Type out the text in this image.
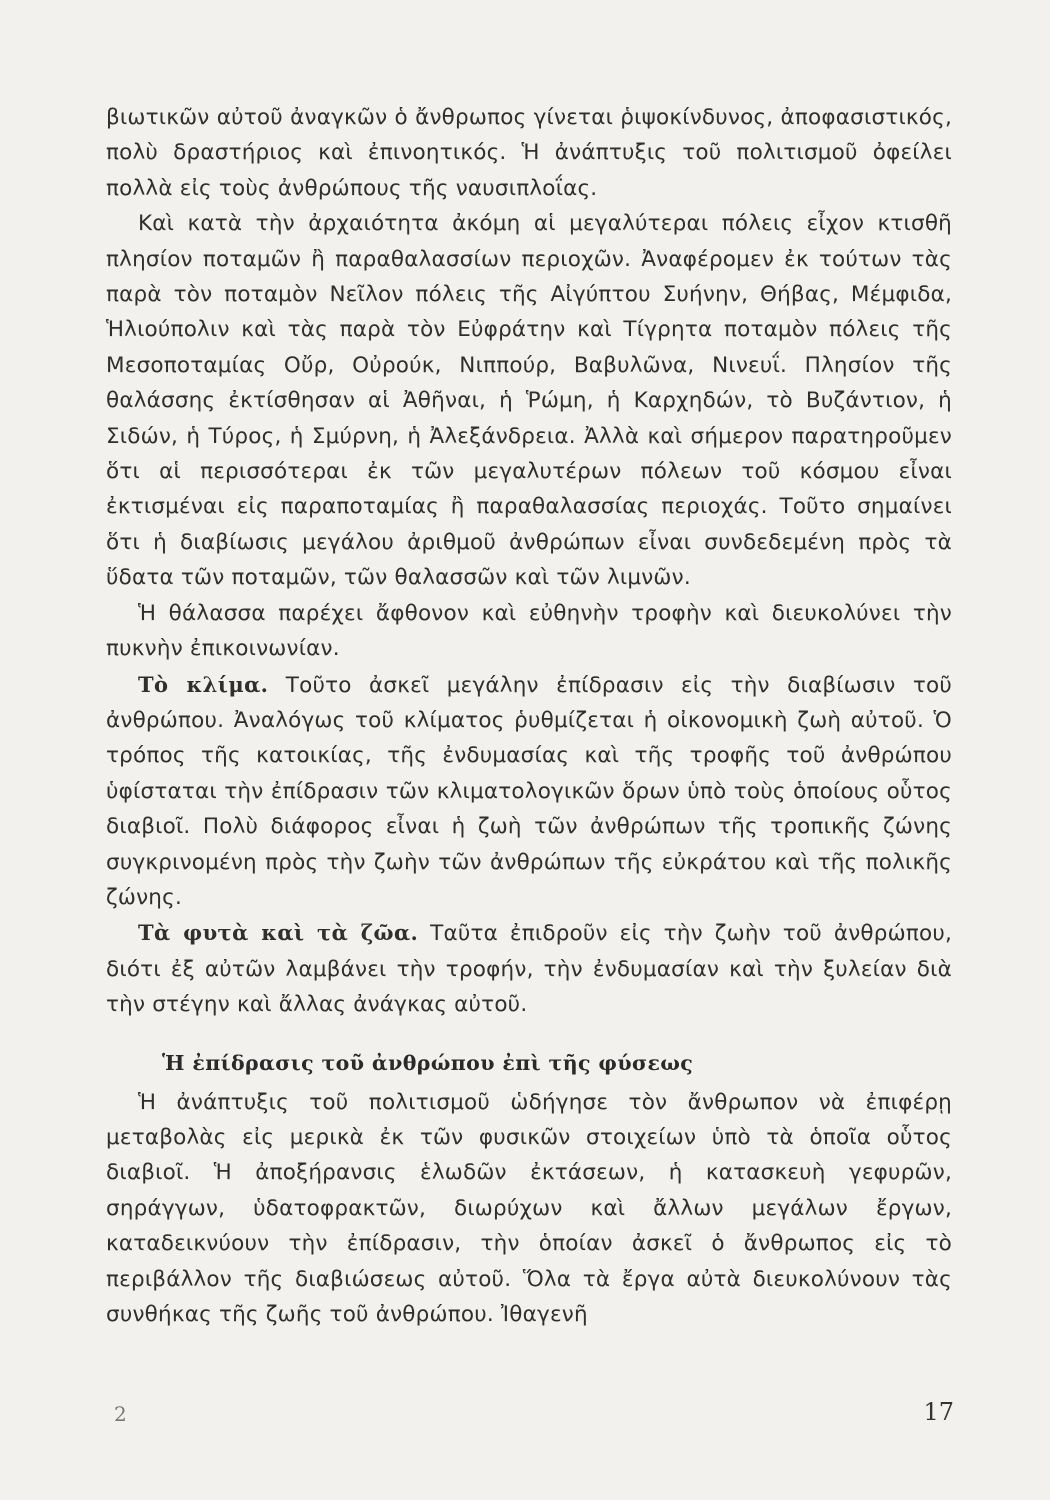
βιωτικῶν αὐτοῦ ἀναγκῶν ὁ ἄνθρωπος γίνεται ῥιψοκίνδυνος, ἀποφασιστικός, πολὺ δραστήριος καὶ ἐπινοητικός. Ἡ ἀνάπτυξις τοῦ πολιτισμοῦ ὀφείλει πολλὰ εἰς τοὺς ἀνθρώπους τῆς ναυσιπλοΐας.

Καὶ κατὰ τὴν ἀρχαιότητα ἀκόμη αἱ μεγαλύτεραι πόλεις εἶχον κτισθῆ πλησίον ποταμῶν ἢ παραθαλασσίων περιοχῶν. Ἀναφέρομεν ἐκ τούτων τὰς παρὰ τὸν ποταμὸν Νεῖλον πόλεις τῆς Αἰγύπτου Συήνην, Θήβας, Μέμφιδα, Ἡλιούπολιν καὶ τὰς παρὰ τὸν Εὐφράτην καὶ Τίγρητα ποταμὸν πόλεις τῆς Μεσοποταμίας Οὔρ, Οὐρούκ, Νιππούρ, Βαβυλῶνα, Νινευΐ. Πλησίον τῆς θαλάσσης ἐκτίσθησαν αἱ Ἀθῆναι, ἡ Ῥώμη, ἡ Καρχηδών, τὸ Βυζάντιον, ἡ Σιδών, ἡ Τύρος, ἡ Σμύρνη, ἡ Ἀλεξάνδρεια. Ἀλλὰ καὶ σήμερον παρατηροῦμεν ὅτι αἱ περισσότεραι ἐκ τῶν μεγαλυτέρων πόλεων τοῦ κόσμου εἶναι ἐκτισμέναι εἰς παραποταμίας ἢ παραθαλασσίας περιοχάς. Τοῦτο σημαίνει ὅτι ἡ διαβίωσις μεγάλου ἀριθμοῦ ἀνθρώπων εἶναι συνδεδεμένη πρὸς τὰ ὕδατα τῶν ποταμῶν, τῶν θαλασσῶν καὶ τῶν λιμνῶν.

Ἡ θάλασσα παρέχει ἄφθονον καὶ εὐθηνὴν τροφὴν καὶ διευκολύνει τὴν πυκνὴν ἐπικοινωνίαν.

Τὸ κλίμα. Τοῦτο ἀσκεῖ μεγάλην ἐπίδρασιν εἰς τὴν διαβίωσιν τοῦ ἀνθρώπου. Ἀναλόγως τοῦ κλίματος ῥυθμίζεται ἡ οἰκονομικὴ ζωὴ αὐτοῦ. Ὁ τρόπος τῆς κατοικίας, τῆς ἐνδυμασίας καὶ τῆς τροφῆς τοῦ ἀνθρώπου ὑφίσταται τὴν ἐπίδρασιν τῶν κλιματολογικῶν ὅρων ὑπὸ τοὺς ὁποίους οὗτος διαβιοῖ. Πολὺ διάφορος εἶναι ἡ ζωὴ τῶν ἀνθρώπων τῆς τροπικῆς ζώνης συγκρινομένη πρὸς τὴν ζωὴν τῶν ἀνθρώπων τῆς εὐκράτου καὶ τῆς πολικῆς ζώνης.

Τὰ φυτὰ καὶ τὰ ζῶα. Ταῦτα ἐπιδροῦν εἰς τὴν ζωὴν τοῦ ἀνθρώπου, διότι ἐξ αὐτῶν λαμβάνει τὴν τροφήν, τὴν ἐνδυμασίαν καὶ τὴν ξυλείαν διὰ τὴν στέγην καὶ ἄλλας ἀνάγκας αὐτοῦ.

Ἡ ἐπίδρασις τοῦ ἀνθρώπου ἐπὶ τῆς φύσεως

Ἡ ἀνάπτυξις τοῦ πολιτισμοῦ ὡδήγησε τὸν ἄνθρωπον νὰ ἐπιφέρῃ μεταβολὰς εἰς μερικὰ ἐκ τῶν φυσικῶν στοιχείων ὑπὸ τὰ ὁποῖα οὗτος διαβιοῖ. Ἡ ἀποξήρανσις ἑλωδῶν ἐκτάσεων, ἡ κατασκευὴ γεφυρῶν, σηράγγων, ὑδατοφρακτῶν, διωρύχων καὶ ἄλλων μεγάλων ἔργων, καταδεικνύουν τὴν ἐπίδρασιν, τὴν ὁποίαν ἀσκεῖ ὁ ἄνθρωπος εἰς τὸ περιβάλλον τῆς διαβιώσεως αὐτοῦ. Ὅλα τὰ ἔργα αὐτὰ διευκολύνουν τὰς συνθήκας τῆς ζωῆς τοῦ ἀνθρώπου. Ἰθαγενῆ

2	17
